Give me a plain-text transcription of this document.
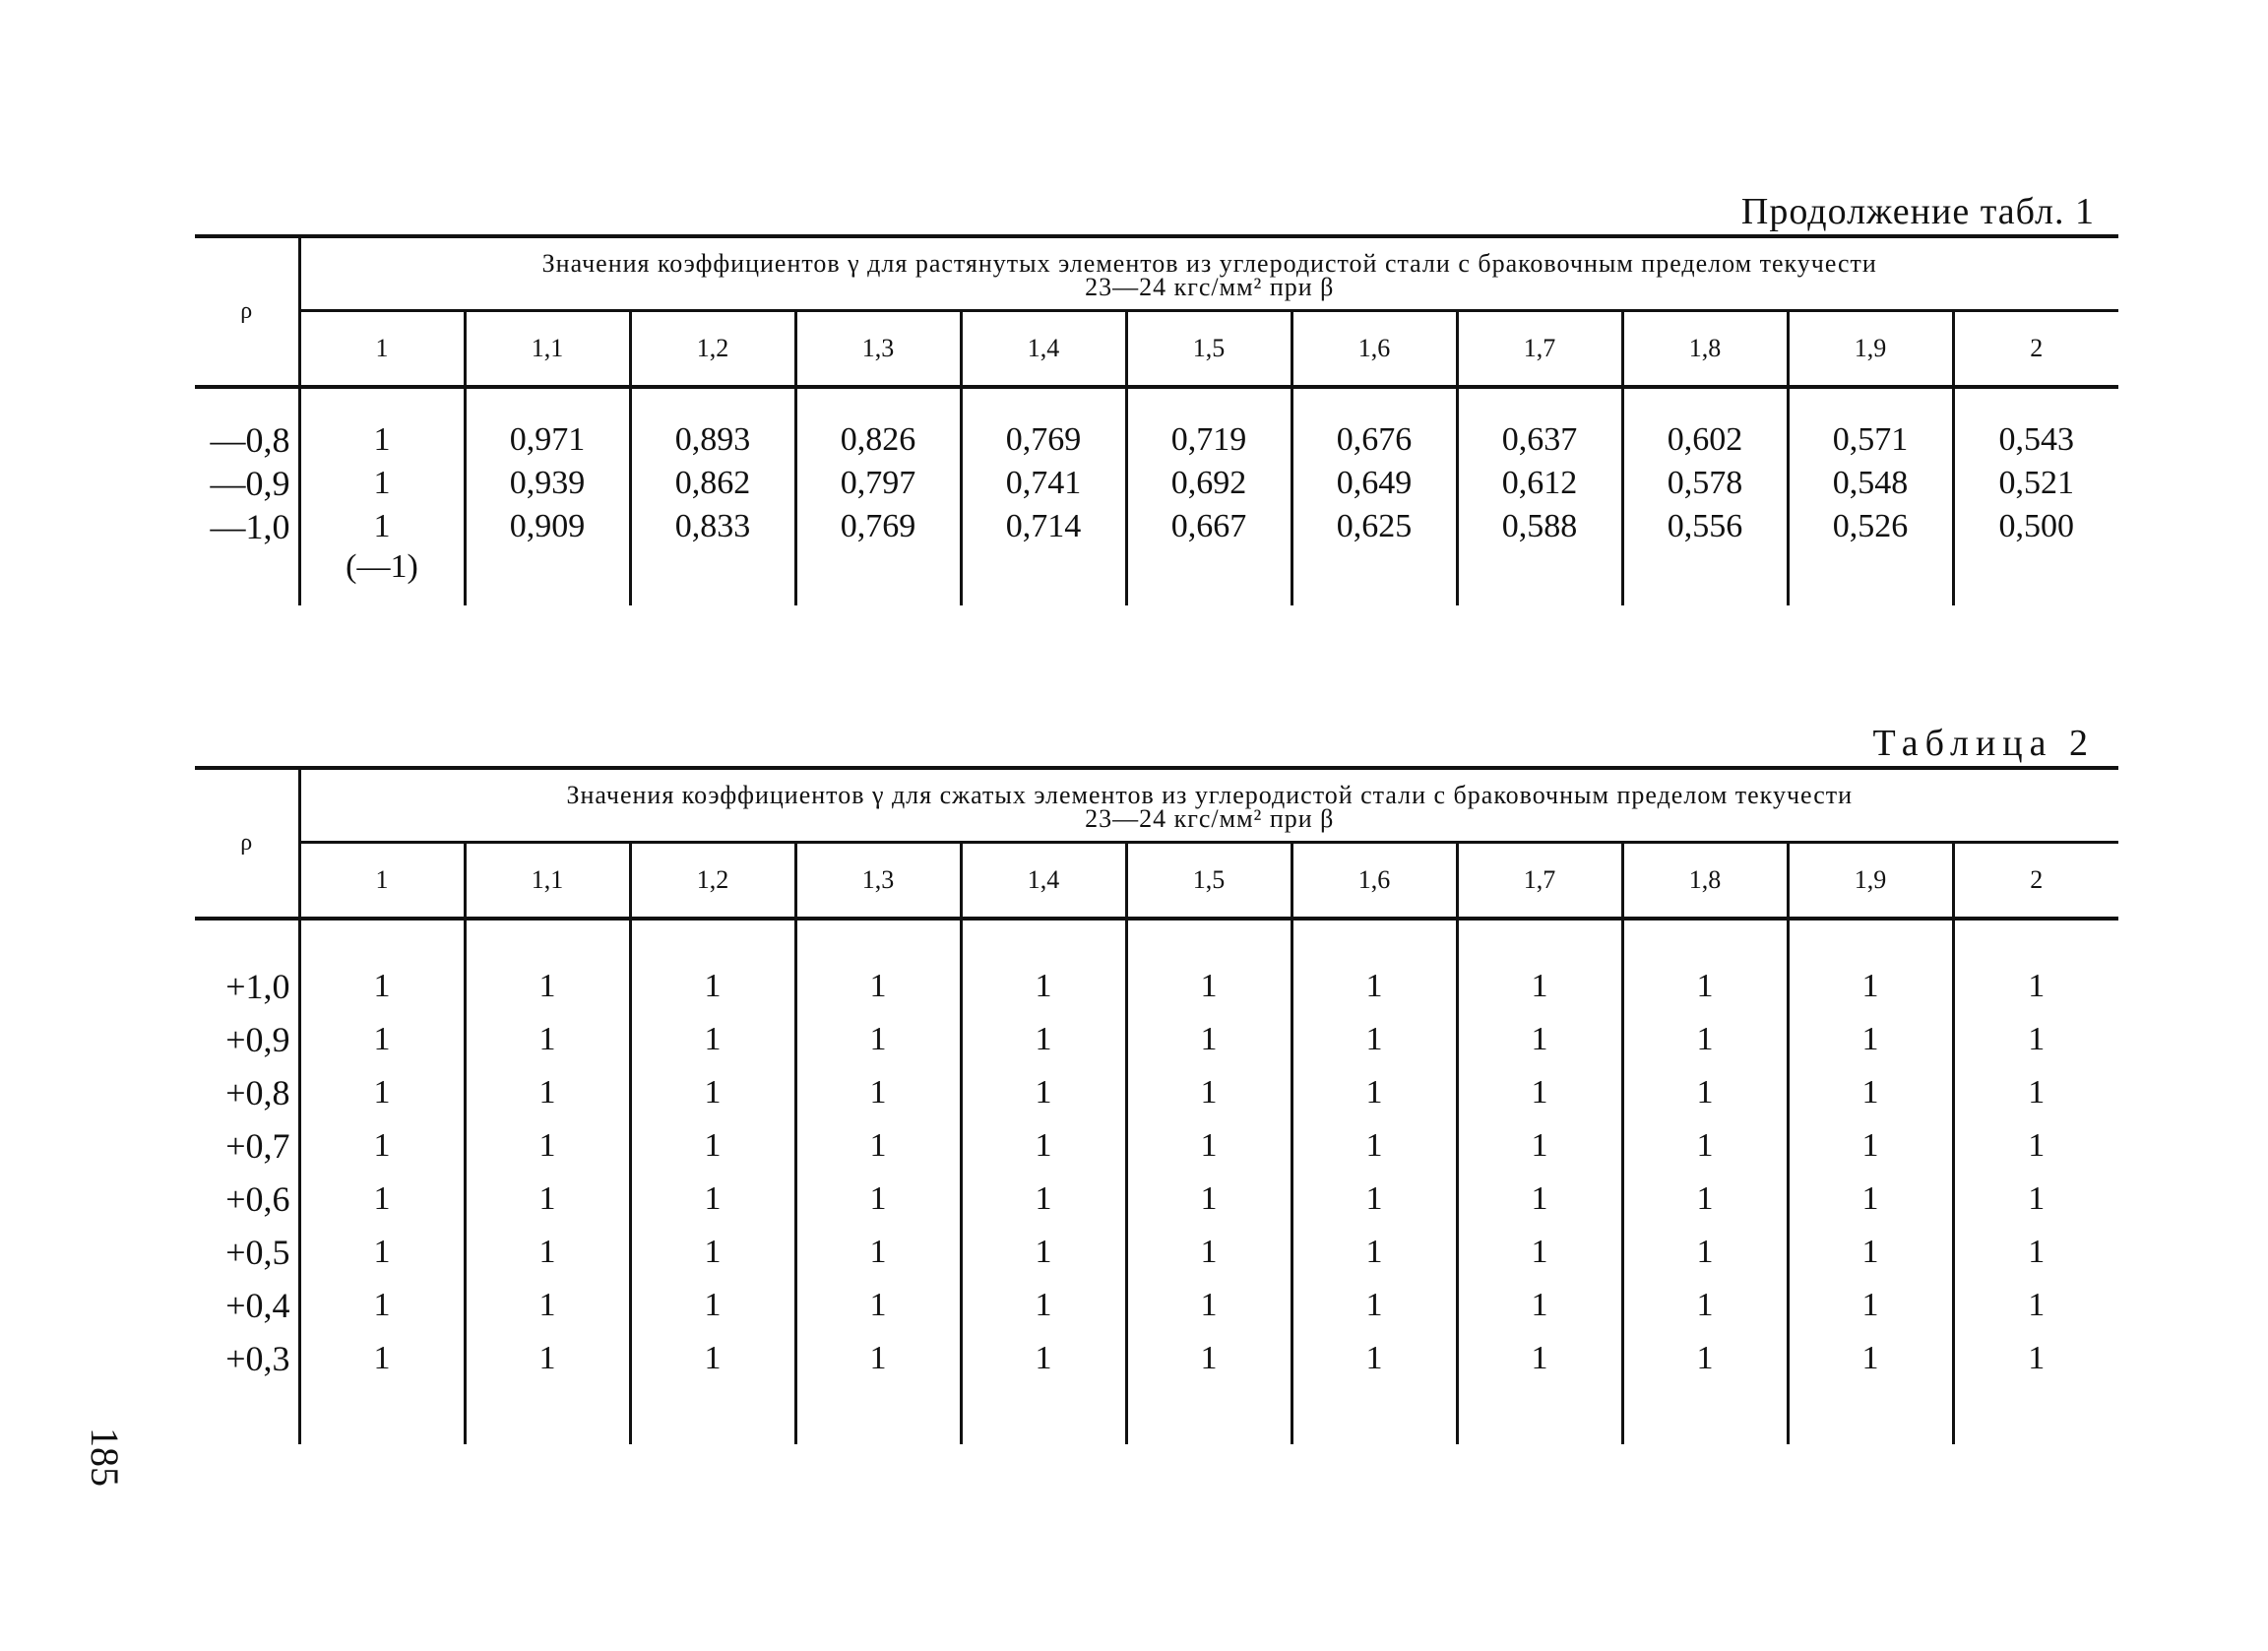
Продолжение табл. 1
ρ	Значения коэффициентов γ для растянутых элементов из углеродистой стали с браковочным пределом текучести
23—24 кгс/мм² при β										

	1	1,1	1,2	1,3	1,4	1,5	1,6	1,7	1,8	1,9	2
—0,8	1	0,971	0,893	0,826	0,769	0,719	0,676	0,637	0,602	0,571	0,543
—0,9	1	0,939	0,862	0,797	0,741	0,692	0,649	0,612	0,578	0,548	0,521
—1,0	1	0,909	0,833	0,769	0,714	0,667	0,625	0,588	0,556	0,526	0,500
	(—1)										
Таблица 2
ρ	Значения коэффициентов γ для сжатых элементов из углеродистой стали с браковочным пределом текучести
23—24 кгс/мм² при β										

	1	1,1	1,2	1,3	1,4	1,5	1,6	1,7	1,8	1,9	2
+1,0	1	1	1	1	1	1	1	1	1	1	1
+0,9	1	1	1	1	1	1	1	1	1	1	1
+0,8	1	1	1	1	1	1	1	1	1	1	1
+0,7	1	1	1	1	1	1	1	1	1	1	1
+0,6	1	1	1	1	1	1	1	1	1	1	1
+0,5	1	1	1	1	1	1	1	1	1	1	1
+0,4	1	1	1	1	1	1	1	1	1	1	1
+0,3	1	1	1	1	1	1	1	1	1	1	1

185
